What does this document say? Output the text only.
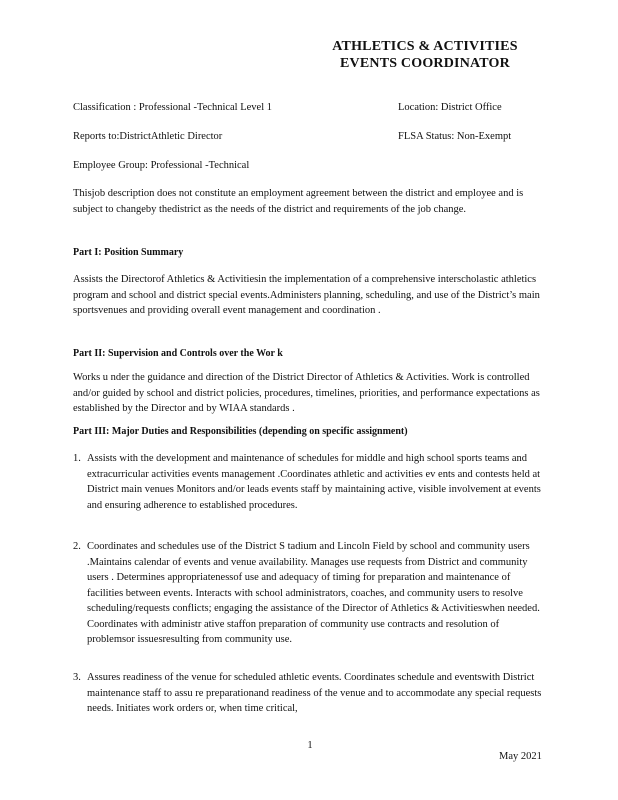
ATHLETICS & ACTIVITIES
EVENTS COORDINATOR
Classification : Professional -Technical Level 1	Location: District Office
Reports to:DistrictAthletic Director	FLSA Status: Non-Exempt
Employee Group: Professional -Technical
Thisjob description does not constitute an employment agreement between the district and employee and is subject to changeby thedistrict as the needs of the district and requirements of the job change.
Part I: Position Summary
Assists the Directorof Athletics & Activitiesin the implementation of a comprehensive interscholastic athletics program and school and district special events.Administers planning, scheduling, and use of the District’s main sportsvenues and providing overall event management and coordination .
Part II: Supervision and Controls over the Wor k
Works u nder the guidance and direction of the District Director of Athletics & Activities. Work is controlled and/or guided by school and district policies, procedures, timelines, priorities, and performance expectations as established by the Director and by WIAA standards .
Part III: Major Duties and Responsibilities (depending on specific assignment)
1. Assists with the development and maintenance of schedules for middle and high school sports teams and extracurricular activities events management .Coordinates athletic and activities ev ents and contests held at District main venues Monitors and/or leads events staff by maintaining active, visible involvement at events and ensuring adherence to established procedures.
2. Coordinates and schedules use of the District S tadium and Lincoln Field by school and community users .Maintains calendar of events and venue availability. Manages use requests from District and community users . Determines appropriatenessof use and adequacy of timing for preparation and maintenance of facilities between events. Interacts with school administrators, coaches, and community users to resolve scheduling/requests conflicts; engaging the assistance of the Director of Athletics & Activitieswhen needed. Coordinates with administr ative staffon preparation of community use contracts and resolution of problemsor issuesresulting from community use.
3. Assures readiness of the venue for scheduled athletic events. Coordinates schedule and eventswith District maintenance staff to assu re preparationand readiness of the venue and to accommodate any special requests needs. Initiates work orders or, when time critical,
1
May 2021
